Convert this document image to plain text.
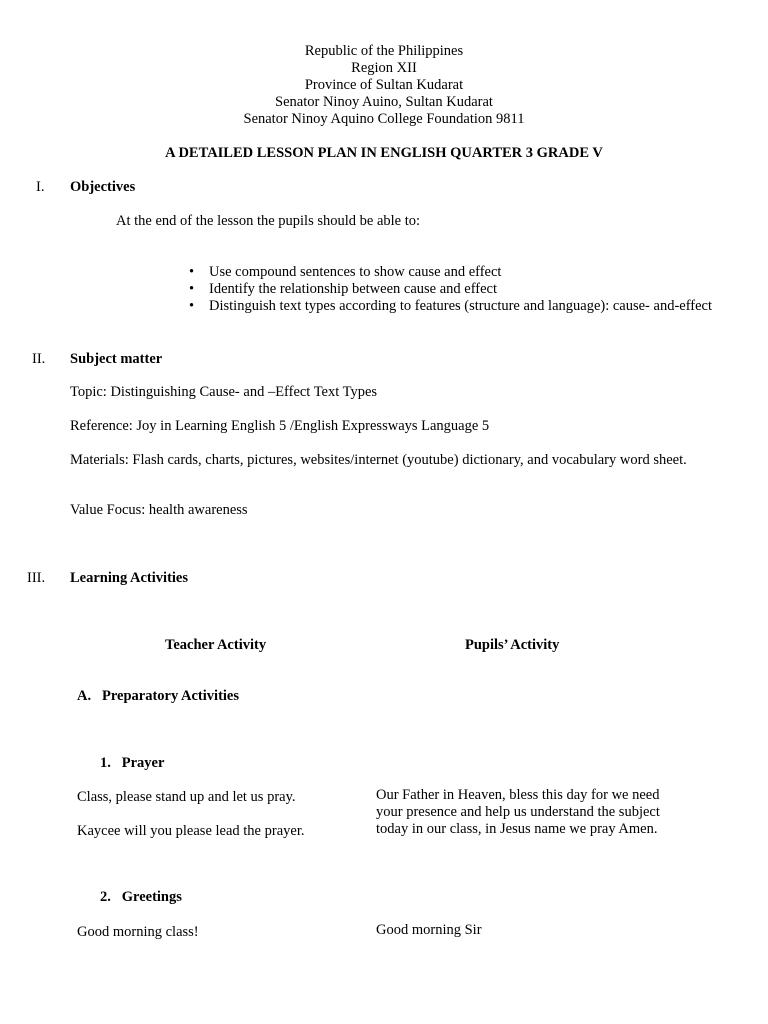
Republic of the Philippines
Region XII
Province of Sultan Kudarat
Senator Ninoy Auino, Sultan Kudarat
Senator Ninoy Aquino College Foundation 9811
A DETAILED LESSON PLAN IN ENGLISH QUARTER 3 GRADE V
I. Objectives
At the end of the lesson the pupils should be able to:
• Use compound sentences to show cause and effect
• Identify the relationship between cause and effect
• Distinguish text types according to features (structure and language): cause- and-effect
II. Subject matter
Topic: Distinguishing Cause- and –Effect Text Types
Reference: Joy in Learning English 5 /English Expressways Language 5
Materials: Flash cards, charts, pictures, websites/internet (youtube) dictionary, and vocabulary word sheet.
Value Focus: health awareness
III. Learning Activities
Teacher Activity	Pupils’ Activity
A.   Preparatory Activities
1.   Prayer
Class, please stand up and let us pray.
Kaycee will you please lead the prayer.
Our Father in Heaven, bless this day for we need your presence and help us understand the subject today in our class, in Jesus name we pray Amen.
2.   Greetings
Good morning class!	Good morning Sir
